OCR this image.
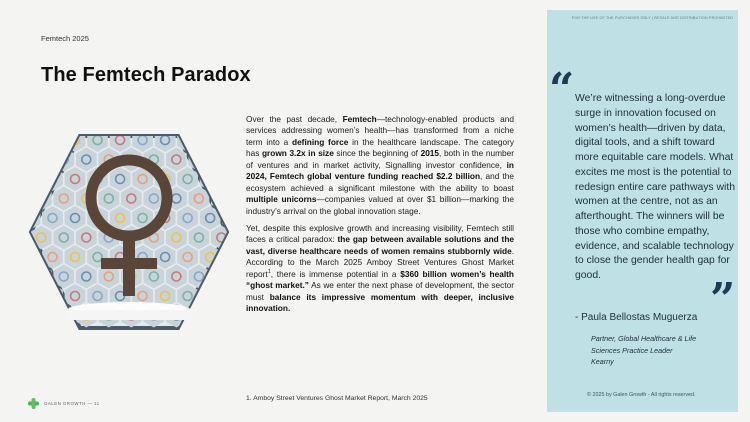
Femtech 2025
The Femtech Paradox

Over the past decade, Femtech—technology-enabled products and services addressing women’s health—has transformed from a niche term into a defining force in the healthcare landscape. The category has grown 3.2x in size since the beginning of 2015, both in the number of ventures and in market activity, Signalling investor confidence, in 2024, Femtech global venture funding reached $2.2 billion, and the ecosystem achieved a significant milestone with the ability to boast multiple unicorns—companies valued at over $1 billion—marking the industry’s arrival on the global innovation stage.

Yet, despite this explosive growth and increasing visibility, Femtech still faces a critical paradox: the gap between available solutions and the vast, diverse healthcare needs of women remains stubbornly wide. According to the March 2025 Amboy Street Ventures Ghost Market report$^1$, there is immense potential in a $360 billion women’s health “ghost market.” As we enter the next phase of development, the sector must balance its impressive momentum with deeper, inclusive innovation.

1. Amboy Street Ventures Ghost Market Report, March 2025
GALEN GROWTH — 11
FOR THE USE OF THE PURCHASER ONLY | RESALE AND DISTRIBUTION PROHIBITED
“ We’re witnessing a long-overdue surge in innovation focused on women’s health—driven by data, digital tools, and a shift toward more equitable care models. What excites me most is the potential to redesign entire care pathways with women at the centre, not as an afterthought. The winners will be those who combine empathy, evidence, and scalable technology to close the gender health gap for good.	”
- Paula Bellostas Muguerza
Partner, Global Healthcare & Life
Sciences Practice Leader
Kearny
© 2025 by Galen Growth - All rights reserved.
